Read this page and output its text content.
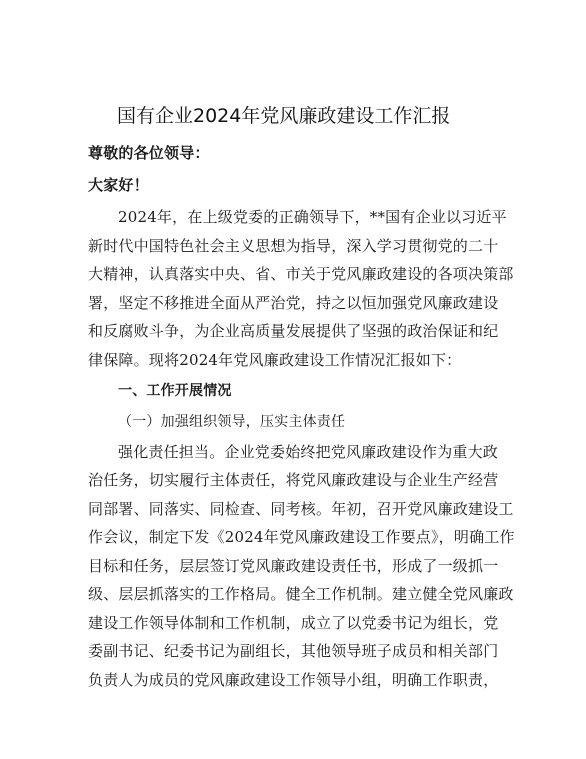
国有企业2024年党风廉政建设工作汇报
尊敬的各位领导：
大家好！
2024年，在上级党委的正确领导下，**国有企业以习近平
新时代中国特色社会主义思想为指导，深入学习贯彻党的二十
大精神，认真落实中央、省、市关于党风廉政建设的各项决策部
署，坚定不移推进全面从严治党，持之以恒加强党风廉政建设
和反腐败斗争，为企业高质量发展提供了坚强的政治保证和纪
律保障。现将2024年党风廉政建设工作情况汇报如下：
一、工作开展情况
（一）加强组织领导，压实主体责任
强化责任担当。企业党委始终把党风廉政建设作为重大政
治任务，切实履行主体责任，将党风廉政建设与企业生产经营
同部署、同落实、同检查、同考核。年初，召开党风廉政建设工
作会议，制定下发《2024年党风廉政建设工作要点》，明确工作
目标和任务，层层签订党风廉政建设责任书，形成了一级抓一
级、层层抓落实的工作格局。健全工作机制。建立健全党风廉政
建设工作领导体制和工作机制，成立了以党委书记为组长，党
委副书记、纪委书记为副组长，其他领导班子成员和相关部门
负责人为成员的党风廉政建设工作领导小组，明确工作职责，
